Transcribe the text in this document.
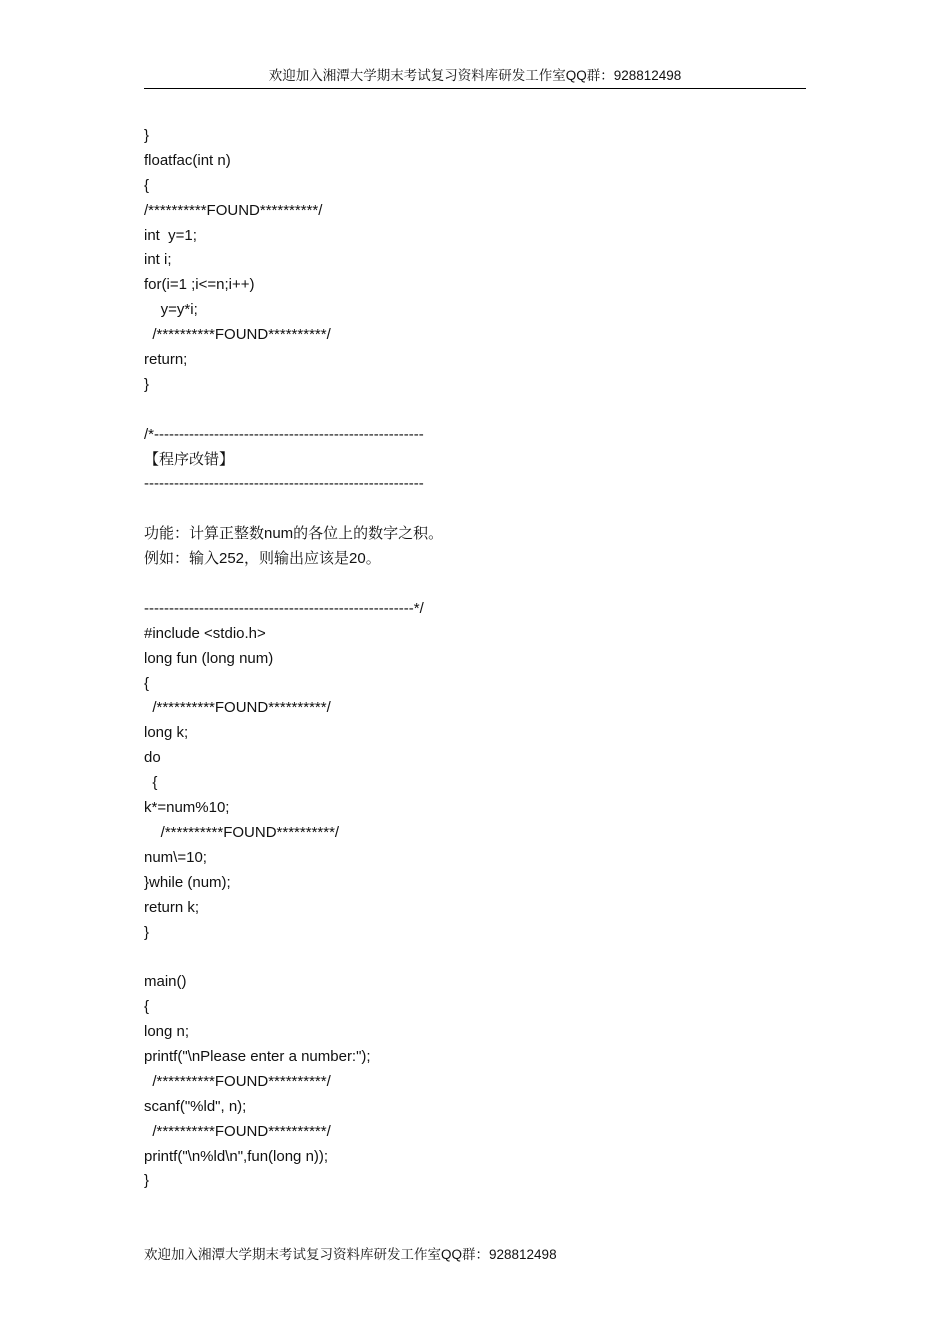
欢迎加入湘潭大学期末考试复习资料库研发工作室QQ群：928812498
}
floatfac(int n)
{
/**********FOUND**********/
int  y=1;
int i;
for(i=1 ;i<=n;i++)
y=y*i;
/**********FOUND**********/
return;
}
/*------------------------------------------------------
【程序改错】
--------------------------------------------------------
功能：计算正整数num的各位上的数字之积。
例如：输入252，则输出应该是20。
------------------------------------------------------*/
#include <stdio.h>
long fun (long num)
{
/**********FOUND**********/
long k;
do
{
k*=num%10;
/**********FOUND**********/
num\=10;
}while (num);
return k;
}
main()
{
long n;
printf("\nPlease enter a number:");
/**********FOUND**********/
scanf("%ld", n);
/**********FOUND**********/
printf("\n%ld\n",fun(long n));
}
欢迎加入湘潭大学期末考试复习资料库研发工作室QQ群：928812498
